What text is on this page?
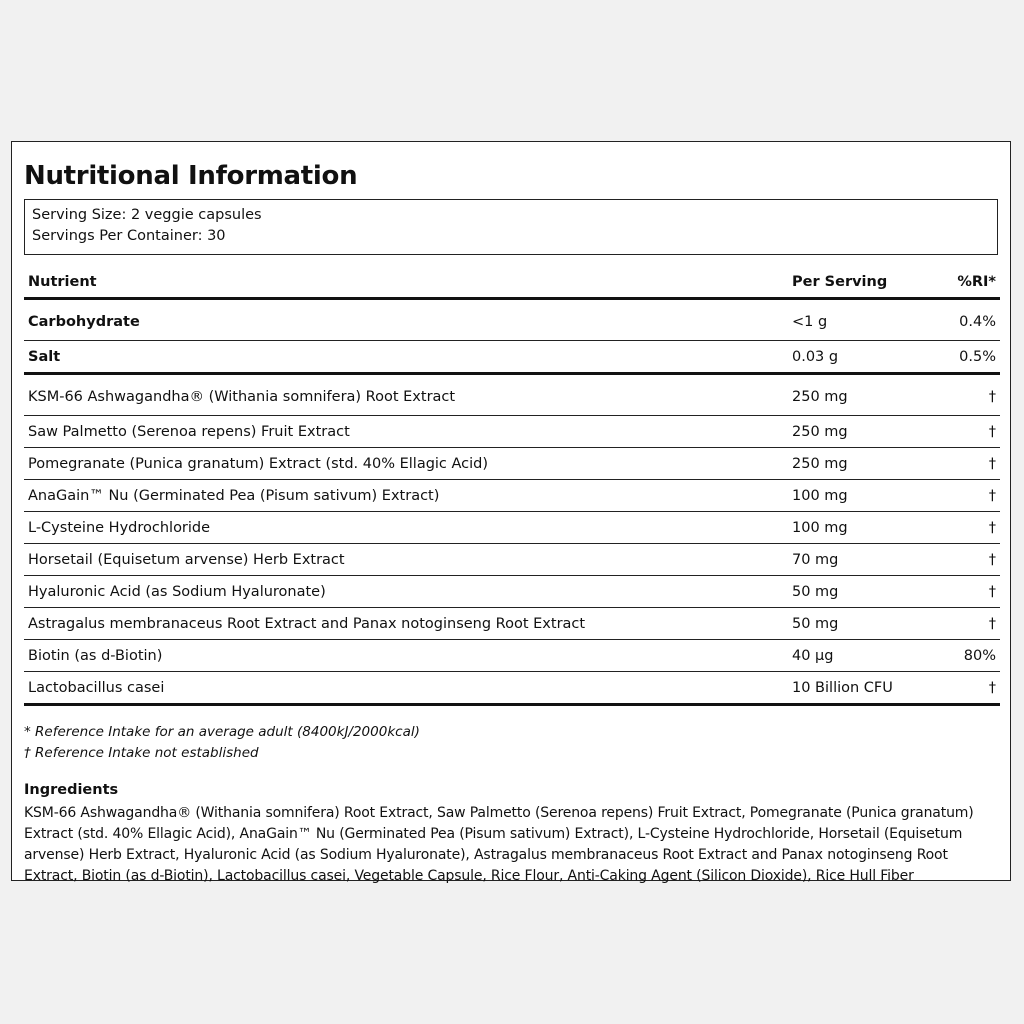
Nutritional Information
Serving Size: 2 veggie capsules
Servings Per Container: 30
Nutrient	Per Serving	%RI*
Carbohydrate	<1 g	0.4%
Salt	0.03 g	0.5%
KSM-66 Ashwagandha® (Withania somnifera) Root Extract	250 mg	†
Saw Palmetto (Serenoa repens) Fruit Extract	250 mg	†
Pomegranate (Punica granatum) Extract (std. 40% Ellagic Acid)	250 mg	†
AnaGain™ Nu (Germinated Pea (Pisum sativum) Extract)	100 mg	†
L-Cysteine Hydrochloride	100 mg	†
Horsetail (Equisetum arvense) Herb Extract	70 mg	†
Hyaluronic Acid (as Sodium Hyaluronate)	50 mg	†
Astragalus membranaceus Root Extract and Panax notoginseng Root Extract	50 mg	†
Biotin (as d-Biotin)	40 µg	80%
Lactobacillus casei	10 Billion CFU	†
* Reference Intake for an average adult (8400kJ/2000kcal)
† Reference Intake not established
Ingredients
KSM-66 Ashwagandha® (Withania somnifera) Root Extract, Saw Palmetto (Serenoa repens) Fruit Extract, Pomegranate (Punica granatum) Extract (std. 40% Ellagic Acid), AnaGain™ Nu (Germinated Pea (Pisum sativum) Extract), L-Cysteine Hydrochloride, Horsetail (Equisetum arvense) Herb Extract, Hyaluronic Acid (as Sodium Hyaluronate), Astragalus membranaceus Root Extract and Panax notoginseng Root Extract, Biotin (as d-Biotin), Lactobacillus casei, Vegetable Capsule, Rice Flour, Anti-Caking Agent (Silicon Dioxide), Rice Hull Fiber
